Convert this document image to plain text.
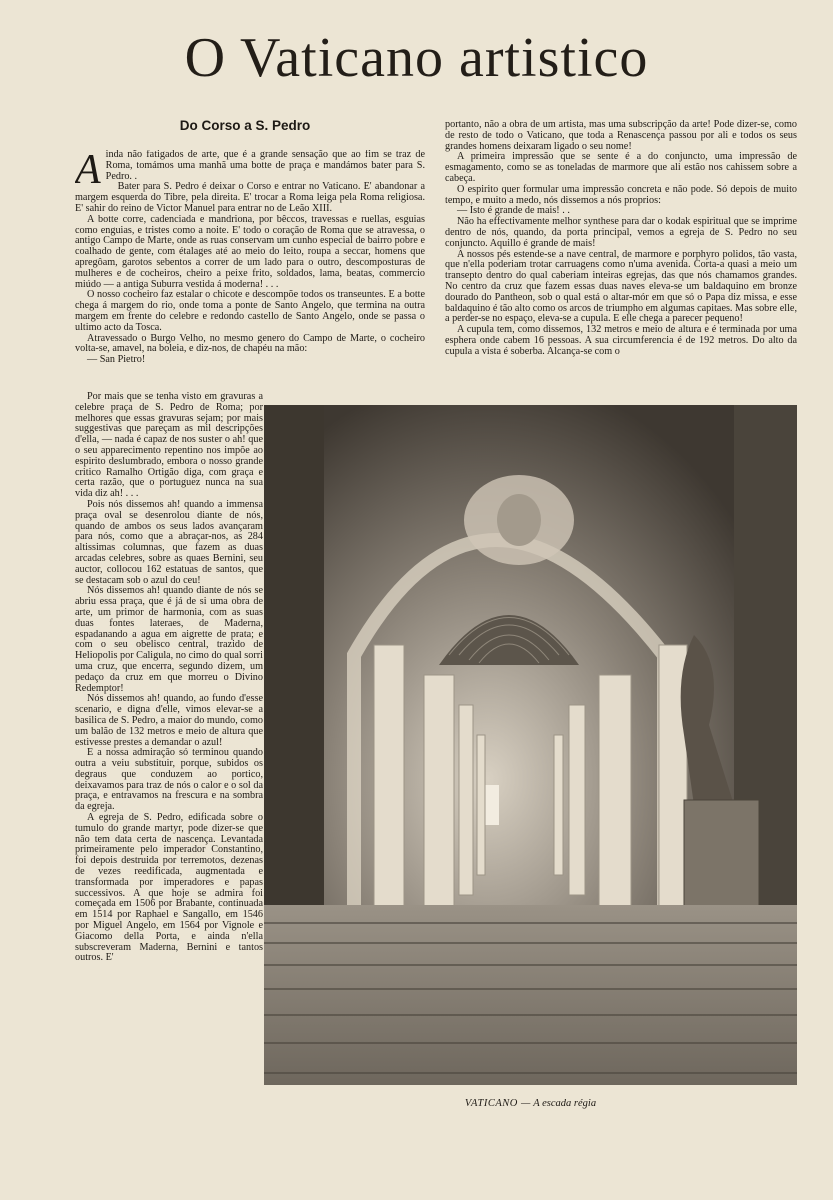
O Vaticano artistico
Do Corso a S. Pedro
A inda não fatigados de arte, que é a grande sensação que ao fim se traz de Roma, tomámos uma manhã uma botte de praça e mandámos bater para S. Pedro. .

Bater para S. Pedro é deixar o Corso e entrar no Vaticano. E' abandonar a margem esquerda do Tibre, pela direita. E' trocar a Roma leiga pela Roma religiosa. E' sahir do reino de Victor Manuel para entrar no de Leão XIII.

A botte corre, cadenciada e mandriona, por bêccos, travessas e ruellas, esguias como enguias, e tristes como a noite. E' todo o coração de Roma que se atravessa, o antigo Campo de Marte, onde as ruas conservam um cunho especial de bairro pobre e coalhado de gente, com étalages até ao meio do leito, roupa a seccar, homens que apregôam, garotos sebentos a correr de um lado para o outro, descomposturas de mulheres e de cocheiros, cheiro a peixe frito, soldados, lama, beatas, commercio miúdo — a antiga Suburra vestida á moderna! . . .

O nosso cocheiro faz estalar o chicote e descompõe todos os transeuntes. E a botte chega á margem do rio, onde toma a ponte de Santo Angelo, que termina na outra margem em frente do celebre e redondo castello de Santo Angelo, onde se passa o ultimo acto da Tosca.

Atravessado o Burgo Velho, no mesmo genero do Campo de Marte, o cocheiro volta-se, amavel, na boleia, e diz-nos, de chapéu na mão:

— San Pietro!

portanto, não a obra de um artista, mas uma subscripção da arte! Pode dizer-se, como de resto de todo o Vaticano, que toda a Renascença passou por ali e todos os seus grandes homens deixaram ligado o seu nome!

A primeira impressão que se sente é a do conjuncto, uma impressão de esmagamento, como se as toneladas de marmore que ali estão nos cahissem sobre a cabeça.

O espirito quer formular uma impressão concreta e não pode. Só depois de muito tempo, e muito a medo, nós dissemos a nós proprios:

— Isto é grande de mais! . .

Não ha effectivamente melhor synthese para dar o kodak espiritual que se imprime dentro de nós, quando, da porta principal, vemos a egreja de S. Pedro no seu conjuncto. Aquillo é grande de mais!

A nossos pés estende-se a nave central, de marmore e porphyro polidos, tão vasta, que n'ella poderiam trotar carruagens como n'uma avenida. Corta-a quasi a meio um transepto dentro do qual caberiam inteiras egrejas, das que nós chamamos grandes. No centro da cruz que fazem essas duas naves eleva-se um baldaquino em bronze dourado do Pantheon, sob o qual está o altar-mór em que só o Papa diz missa, e esse baldaquino é tão alto como os arcos de triumpho em algumas capitaes. Mas sobre elle, a perder-se no espaço, eleva-se a cupula. E elle chega a parecer pequeno!

A cupula tem, como dissemos, 132 metros e meio de altura e é terminada por uma esphera onde cabem 16 pessoas. A sua circumferencia é de 192 metros. Do alto da cupula a vista é soberba. Alcança-se com o

Por mais que se tenha visto em gravuras a celebre praça de S. Pedro de Roma; por melhores que essas gravuras sejam; por mais suggestivas que pareçam as mil descripções d'ella, — nada é capaz de nos suster o ah! que o seu apparecimento repentino nos impõe ao espirito deslumbrado, embora o nosso grande critico Ramalho Ortigão diga, com graça e certa razão, que o portuguez nunca na sua vida diz ah! . . .

Pois nós dissemos ah! quando a immensa praça oval se desenrolou diante de nós, quando de ambos os seus lados avançaram para nós, como que a abraçar-nos, as 284 altissimas columnas, que fazem as duas arcadas celebres, sobre as quaes Bernini, seu auctor, collocou 162 estatuas de santos, que se destacam sob o azul do ceu!

Nós dissemos ah! quando diante de nós se abriu essa praça, que é já de si uma obra de arte, um primor de harmonia, com as suas duas fontes lateraes, de Maderna, espadanando a agua em aigrette de prata; e com o seu obelisco central, trazido de Heliopolis por Caligula, no cimo do qual sorri uma cruz, que encerra, segundo dizem, um pedaço da cruz em que morreu o Divino Redemptor!

Nós dissemos ah! quando, ao fundo d'esse scenario, e digna d'elle, vimos elevar-se a basilica de S. Pedro, a maior do mundo, como um balão de 132 metros e meio de altura que estivesse prestes a demandar o azul!

E a nossa admiração só terminou quando outra a veiu substituir, porque, subidos os degraus que conduzem ao portico, deixavamos para traz de nós o calor e o sol da praça, e entravamos na frescura e na sombra da egreja.

A egreja de S. Pedro, edificada sobre o tumulo do grande martyr, pode dizer-se que não tem data certa de nascença. Levantada primeiramente pelo imperador Constantino, foi depois destruida por terremotos, dezenas de vezes reedificada, augmentada e transformada por imperadores e papas successivos. A que hoje se admira foi começada em 1506 por Brabante, continuada em 1514 por Raphael e Sangallo, em 1546 por Miguel Angelo, em 1564 por Vignole e Giacomo della Porta, e ainda n'ella subscreveram Maderna, Bernini e tantos outros. E'

VATICANO — A escada régia
